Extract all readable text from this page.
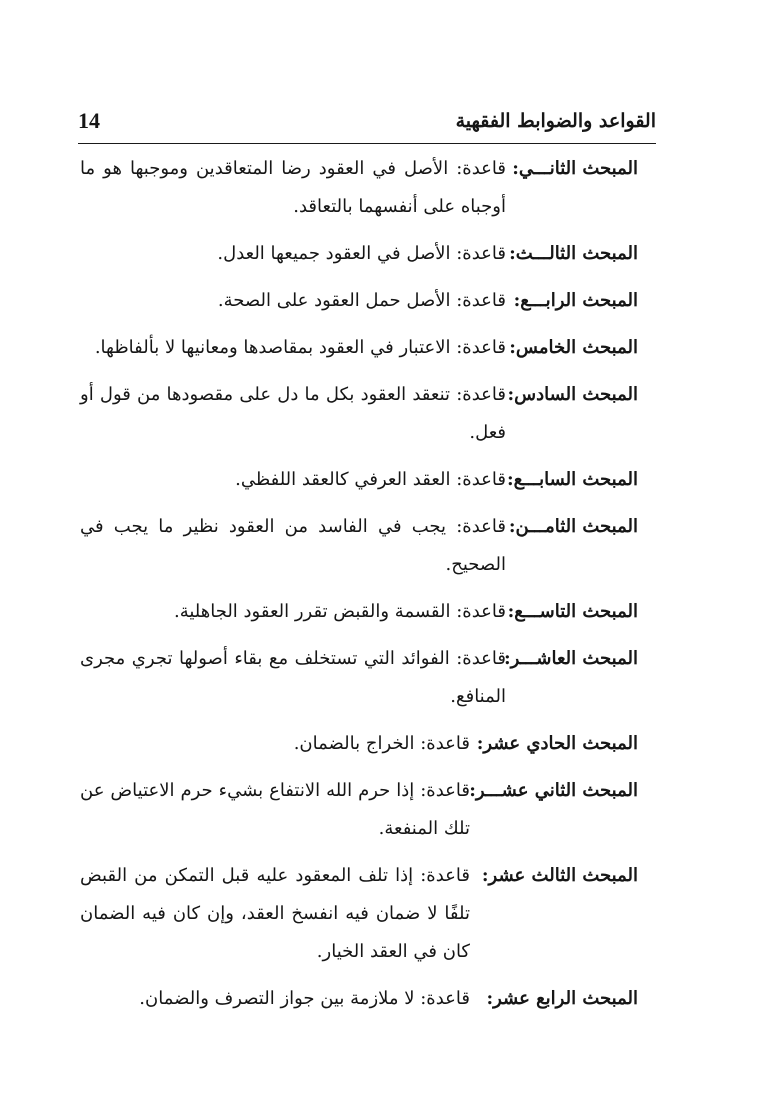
14	القواعد والضوابط الفقهية
المبحث الثانـــي:
قاعدة: الأصل في العقود رضا المتعاقدين وموجبها هو ما أوجباه على أنفسهما بالتعاقد.
المبحث الثالـــث:
قاعدة: الأصل في العقود جميعها العدل.
المبحث الرابـــع:
قاعدة: الأصل حمل العقود على الصحة.
المبحث الخامس:
قاعدة: الاعتبار في العقود بمقاصدها ومعانيها لا بألفاظها.
المبحث السادس:
قاعدة: تنعقد العقود بكل ما دل على مقصودها من قول أو فعل.
المبحث السابـــع:
قاعدة: العقد العرفي كالعقد اللفظي.
المبحث الثامـــن:
قاعدة: يجب في الفاسد من العقود نظير ما يجب في الصحيح.
المبحث التاســـع:
قاعدة: القسمة والقبض تقرر العقود الجاهلية.
المبحث العاشـــر:
قاعدة: الفوائد التي تستخلف مع بقاء أصولها تجري مجرى المنافع.
المبحث الحادي عشر:
قاعدة: الخراج بالضمان.
المبحث الثاني عشـــر:
قاعدة: إذا حرم الله الانتفاع بشيء حرم الاعتياض عن تلك المنفعة.
المبحث الثالث عشر:
قاعدة: إذا تلف المعقود عليه قبل التمكن من القبض تلفًا لا ضمان فيه انفسخ العقد، وإن كان فيه الضمان كان في العقد الخيار.
المبحث الرابع عشر:
قاعدة: لا ملازمة بين جواز التصرف والضمان.
